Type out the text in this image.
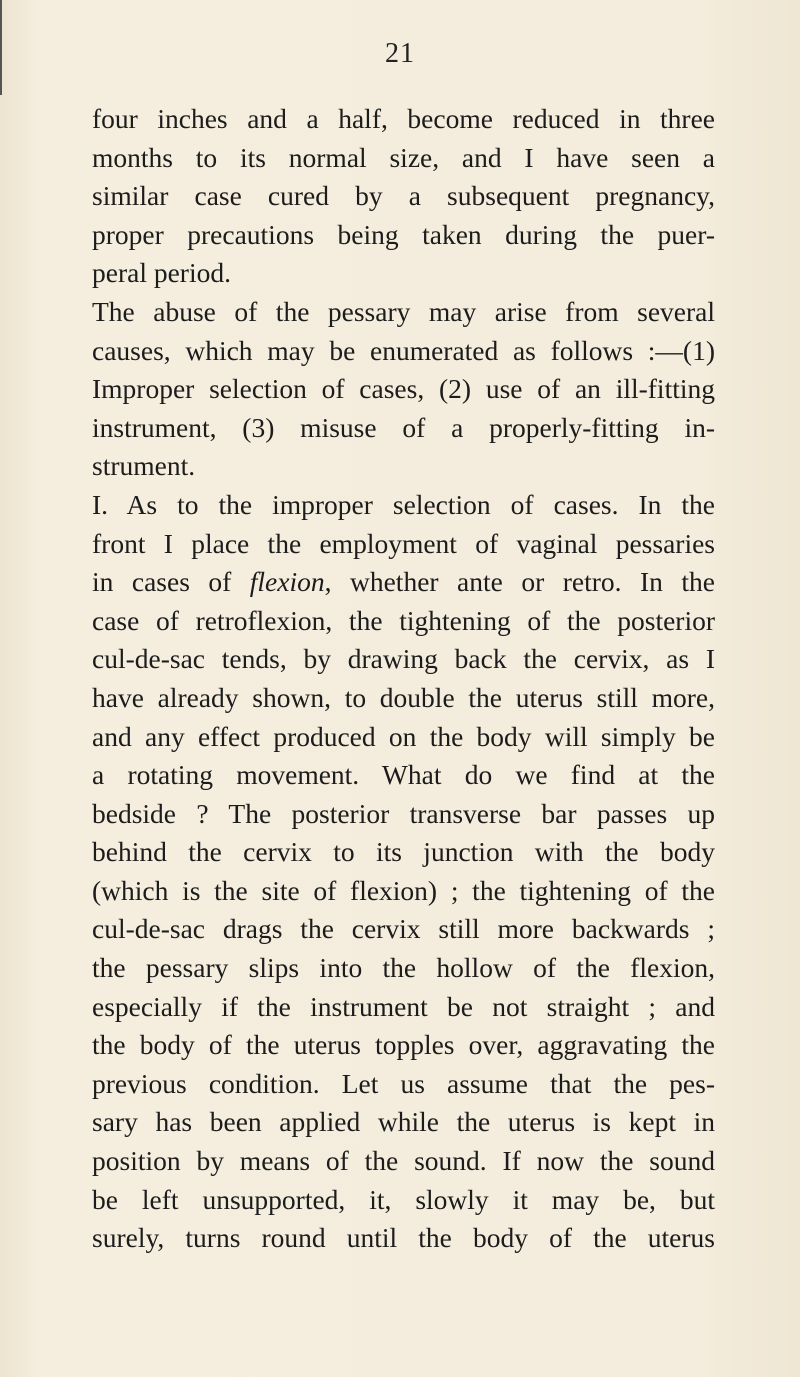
21
four inches and a half, become reduced in three
months to its normal size, and I have seen a
similar case cured by a subsequent pregnancy,
proper precautions being taken during the puer-
peral period.
The abuse of the pessary may arise from several
causes, which may be enumerated as follows :—(1)
Improper selection of cases, (2) use of an ill-fitting
instrument, (3) misuse of a properly-fitting in-
strument.
I. As to the improper selection of cases. In the
front I place the employment of vaginal pessaries
in cases of flexion, whether ante or retro. In the
case of retroflexion, the tightening of the posterior
cul-de-sac tends, by drawing back the cervix, as I
have already shown, to double the uterus still more,
and any effect produced on the body will simply be
a rotating movement. What do we find at the
bedside ? The posterior transverse bar passes up
behind the cervix to its junction with the body
(which is the site of flexion) ; the tightening of the
cul-de-sac drags the cervix still more backwards ;
the pessary slips into the hollow of the flexion,
especially if the instrument be not straight ; and
the body of the uterus topples over, aggravating the
previous condition. Let us assume that the pes-
sary has been applied while the uterus is kept in
position by means of the sound. If now the sound
be left unsupported, it, slowly it may be, but
surely, turns round until the body of the uterus
